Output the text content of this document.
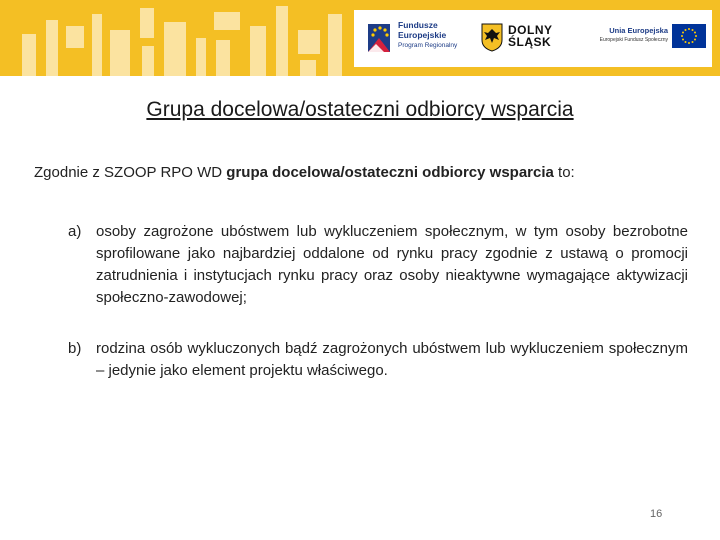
Fundusze
Europejskie
Program Regionalny
DOLNY
ŚLĄSK
Unia Europejska
Europejski Fundusz Społeczny
Grupa docelowa/ostateczni odbiorcy wsparcia
Zgodnie z SZOOP RPO WD grupa docelowa/ostateczni odbiorcy wsparcia to:
a) osoby zagrożone ubóstwem lub wykluczeniem społecznym, w tym osoby bezrobotne sprofilowane jako najbardziej oddalone od rynku pracy zgodnie z ustawą o promocji zatrudnienia i instytucjach rynku pracy oraz osoby nieaktywne wymagające aktywizacji społeczno-zawodowej;
b) rodzina osób wykluczonych bądź zagrożonych ubóstwem lub wykluczeniem społecznym – jedynie jako element projektu właściwego.
16
